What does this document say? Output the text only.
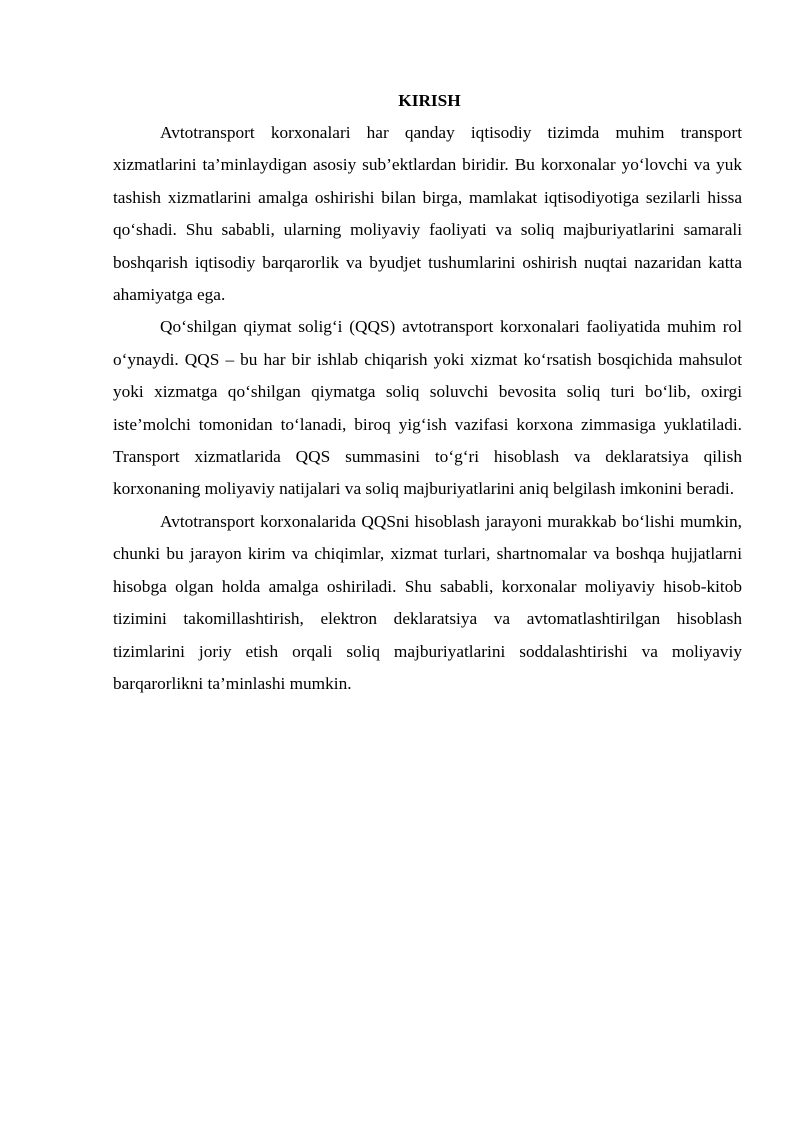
KIRISH

Avtotransport korxonalari har qanday iqtisodiy tizimda muhim transport xizmatlarini ta’minlaydigan asosiy sub’ektlardan biridir. Bu korxonalar yo‘lovchi va yuk tashish xizmatlarini amalga oshirishi bilan birga, mamlakat iqtisodiyotiga sezilarli hissa qo‘shadi. Shu sababli, ularning moliyaviy faoliyati va soliq majburiyatlarini samarali boshqarish iqtisodiy barqarorlik va byudjet tushumlarini oshirish nuqtai nazaridan katta ahamiyatga ega.

Qo‘shilgan qiymat solig‘i (QQS) avtotransport korxonalari faoliyatida muhim rol o‘ynaydi. QQS – bu har bir ishlab chiqarish yoki xizmat ko‘rsatish bosqichida mahsulot yoki xizmatga qo‘shilgan qiymatga soliq soluvchi bevosita soliq turi bo‘lib, oxirgi iste’molchi tomonidan to‘lanadi, biroq yig‘ish vazifasi korxona zimmasiga yuklatiladi. Transport xizmatlarida QQS summasini to‘g‘ri hisoblash va deklaratsiya qilish korxonaning moliyaviy natijalari va soliq majburiyatlarini aniq belgilash imkonini beradi.

Avtotransport korxonalarida QQSni hisoblash jarayoni murakkab bo‘lishi mumkin, chunki bu jarayon kirim va chiqimlar, xizmat turlari, shartnomalar va boshqa hujjatlarni hisobga olgan holda amalga oshiriladi. Shu sababli, korxonalar moliyaviy hisob-kitob tizimini takomillashtirish, elektron deklaratsiya va avtomatlashtirilgan hisoblash tizimlarini joriy etish orqali soliq majburiyatlarini soddalashtirishi va moliyaviy barqarorlikni ta’minlashi mumkin.
